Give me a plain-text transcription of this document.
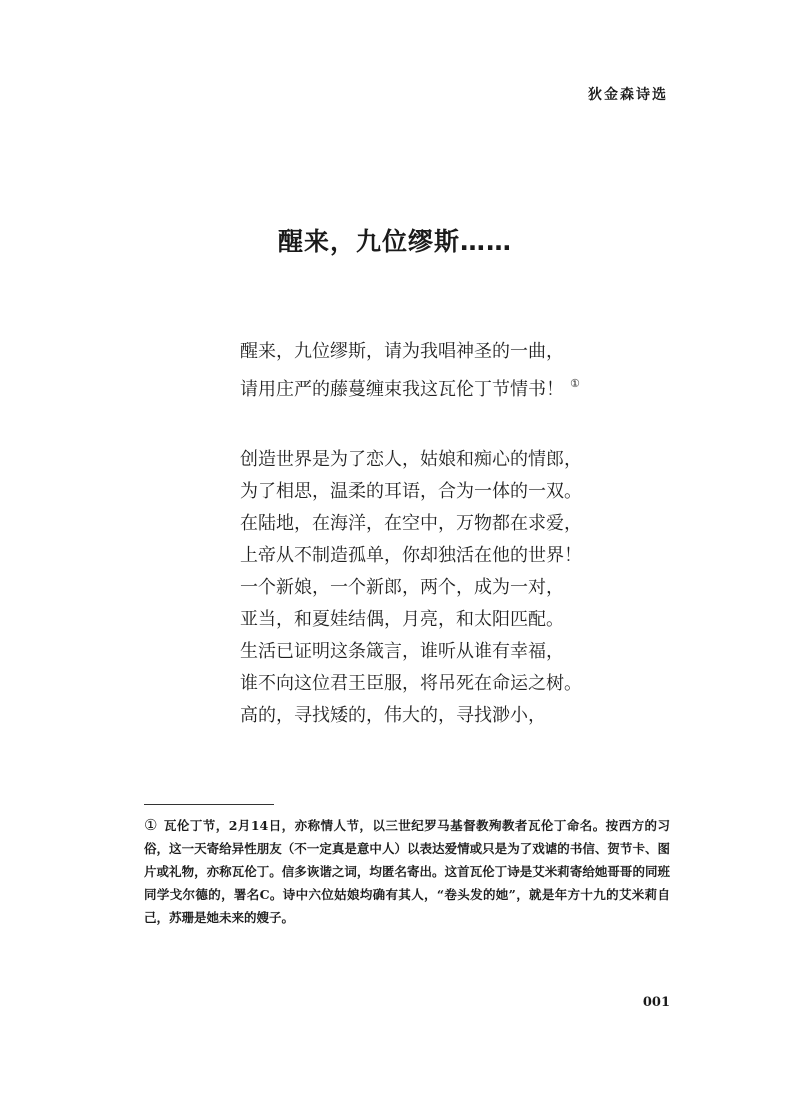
狄金森诗选
醒来，九位缪斯……
醒来，九位缪斯，请为我唱神圣的一曲，
请用庄严的藤蔓缠束我这瓦伦丁节情书！ ①
创造世界是为了恋人，姑娘和痴心的情郎，
为了相思，温柔的耳语，合为一体的一双。
在陆地，在海洋，在空中，万物都在求爱，
上帝从不制造孤单，你却独活在他的世界！
一个新娘，一个新郎，两个，成为一对，
亚当，和夏娃结偶，月亮，和太阳匹配。
生活已证明这条箴言，谁听从谁有幸福，
谁不向这位君王臣服，将吊死在命运之树。
高的，寻找矮的，伟大的，寻找渺小，
① 瓦伦丁节，2月14日，亦称情人节，以三世纪罗马基督教殉教者瓦伦丁命名。按西方的习俗，这一天寄给异性朋友（不一定真是意中人）以表达爱情或只是为了戏谑的书信、贺节卡、图片或礼物，亦称瓦伦丁。信多诙谐之词，均匿名寄出。这首瓦伦丁诗是艾米莉寄给她哥哥的同班同学戈尔德的，署名C。诗中六位姑娘均确有其人，“卷头发的她”，就是年方十九的艾米莉自己，苏珊是她未来的嫂子。
001
